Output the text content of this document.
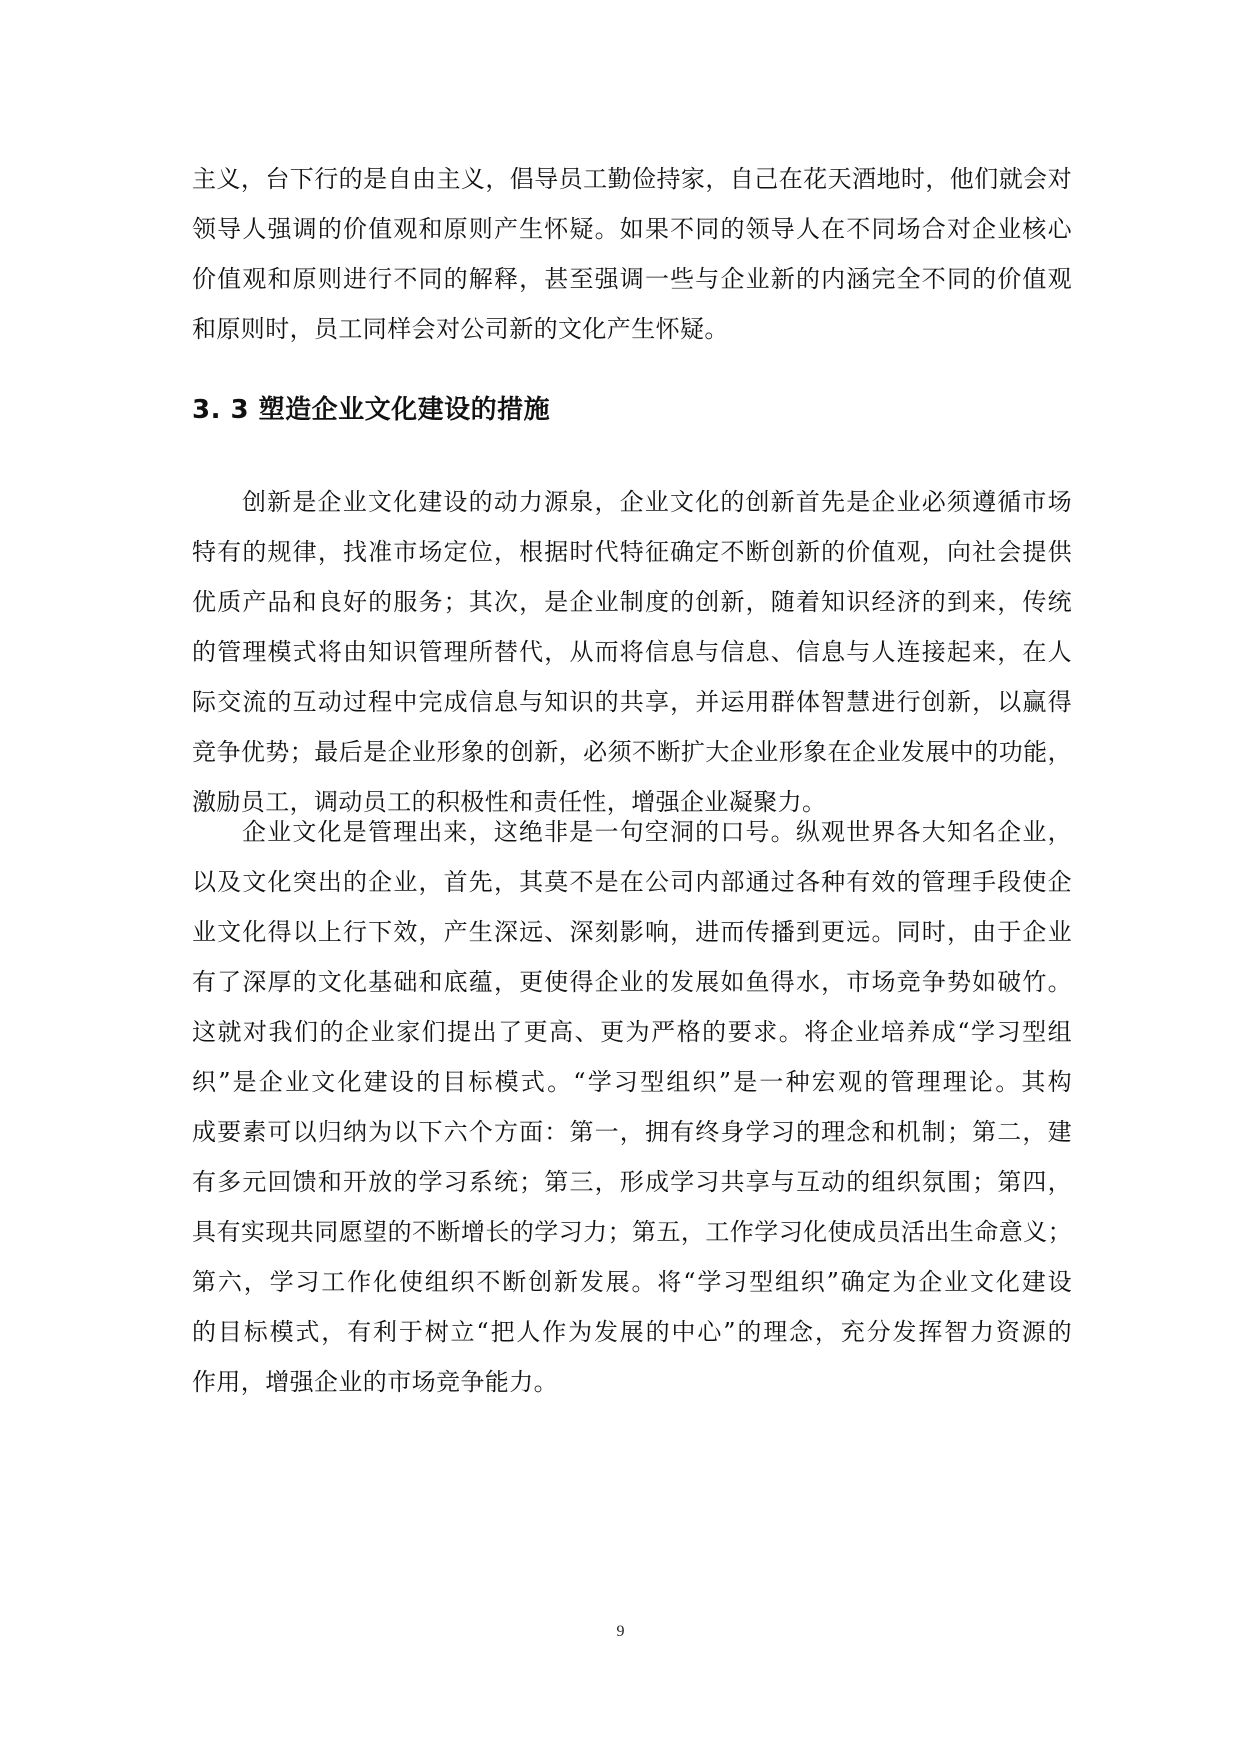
主义，台下行的是自由主义，倡导员工勤俭持家，自己在花天酒地时，他们就会对
领导人强调的价值观和原则产生怀疑。如果不同的领导人在不同场合对企业核心
价值观和原则进行不同的解释，甚至强调一些与企业新的内涵完全不同的价值观
和原则时，员工同样会对公司新的文化产生怀疑。
3. 3 塑造企业文化建设的措施
创新是企业文化建设的动力源泉，企业文化的创新首先是企业必须遵循市场
特有的规律，找准市场定位，根据时代特征确定不断创新的价值观，向社会提供
优质产品和良好的服务；其次，是企业制度的创新，随着知识经济的到来，传统
的管理模式将由知识管理所替代，从而将信息与信息、信息与人连接起来，在人
际交流的互动过程中完成信息与知识的共享，并运用群体智慧进行创新，以赢得
竞争优势；最后是企业形象的创新，必须不断扩大企业形象在企业发展中的功能，
激励员工，调动员工的积极性和责任性，增强企业凝聚力。
企业文化是管理出来，这绝非是一句空洞的口号。纵观世界各大知名企业，
以及文化突出的企业，首先，其莫不是在公司内部通过各种有效的管理手段使企
业文化得以上行下效，产生深远、深刻影响，进而传播到更远。同时，由于企业
有了深厚的文化基础和底蕴，更使得企业的发展如鱼得水，市场竞争势如破竹。
这就对我们的企业家们提出了更高、更为严格的要求。将企业培养成“学习型组
织”是企业文化建设的目标模式。“学习型组织”是一种宏观的管理理论。其构
成要素可以归纳为以下六个方面：第一，拥有终身学习的理念和机制；第二，建
有多元回馈和开放的学习系统；第三，形成学习共享与互动的组织氛围；第四，
具有实现共同愿望的不断增长的学习力；第五，工作学习化使成员活出生命意义；
第六，学习工作化使组织不断创新发展。将“学习型组织”确定为企业文化建设
的目标模式，有利于树立“把人作为发展的中心”的理念，充分发挥智力资源的
作用，增强企业的市场竞争能力。
9
